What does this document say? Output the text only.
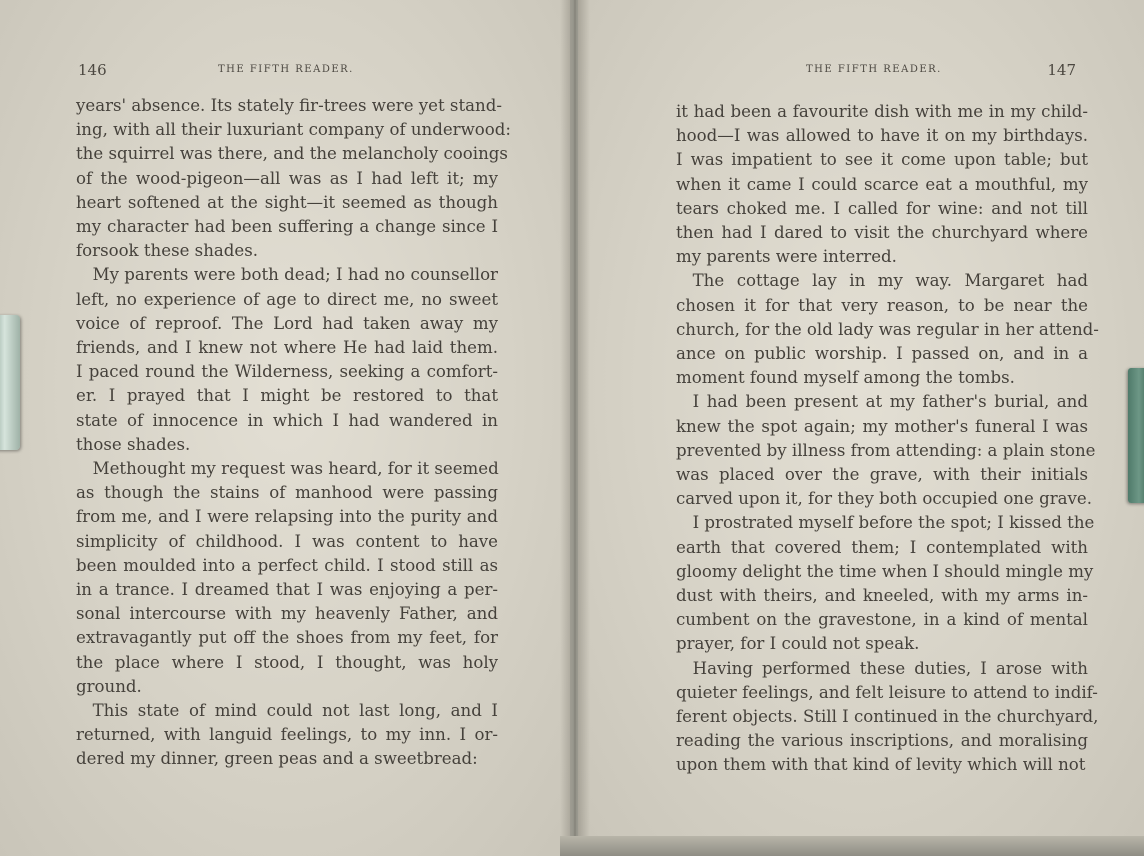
146	THE FIFTH READER.
years' absence. Its stately fir-trees were yet stand-
ing, with all their luxuriant company of underwood:
the squirrel was there, and the melancholy cooings
of the wood-pigeon—all was as I had left it; my
heart softened at the sight—it seemed as though
my character had been suffering a change since I
forsook these shades.
 My parents were both dead; I had no counsellor
left, no experience of age to direct me, no sweet
voice of reproof. The Lord had taken away my
friends, and I knew not where He had laid them.
I paced round the Wilderness, seeking a comfort-
er. I prayed that I might be restored to that
state of innocence in which I had wandered in
those shades.
 Methought my request was heard, for it seemed
as though the stains of manhood were passing
from me, and I were relapsing into the purity and
simplicity of childhood. I was content to have
been moulded into a perfect child. I stood still as
in a trance. I dreamed that I was enjoying a per-
sonal intercourse with my heavenly Father, and
extravagantly put off the shoes from my feet, for
the place where I stood, I thought, was holy
ground.
 This state of mind could not last long, and I
returned, with languid feelings, to my inn. I or-
dered my dinner, green peas and a sweetbread:
THE FIFTH READER.	147
it had been a favourite dish with me in my child-
hood—I was allowed to have it on my birthdays.
I was impatient to see it come upon table; but
when it came I could scarce eat a mouthful, my
tears choked me. I called for wine: and not till
then had I dared to visit the churchyard where
my parents were interred.
 The cottage lay in my way. Margaret had
chosen it for that very reason, to be near the
church, for the old lady was regular in her attend-
ance on public worship. I passed on, and in a
moment found myself among the tombs.
 I had been present at my father's burial, and
knew the spot again; my mother's funeral I was
prevented by illness from attending: a plain stone
was placed over the grave, with their initials
carved upon it, for they both occupied one grave.
 I prostrated myself before the spot; I kissed the
earth that covered them; I contemplated with
gloomy delight the time when I should mingle my
dust with theirs, and kneeled, with my arms in-
cumbent on the gravestone, in a kind of mental
prayer, for I could not speak.
 Having performed these duties, I arose with
quieter feelings, and felt leisure to attend to indif-
ferent objects. Still I continued in the churchyard,
reading the various inscriptions, and moralising
upon them with that kind of levity which will not
